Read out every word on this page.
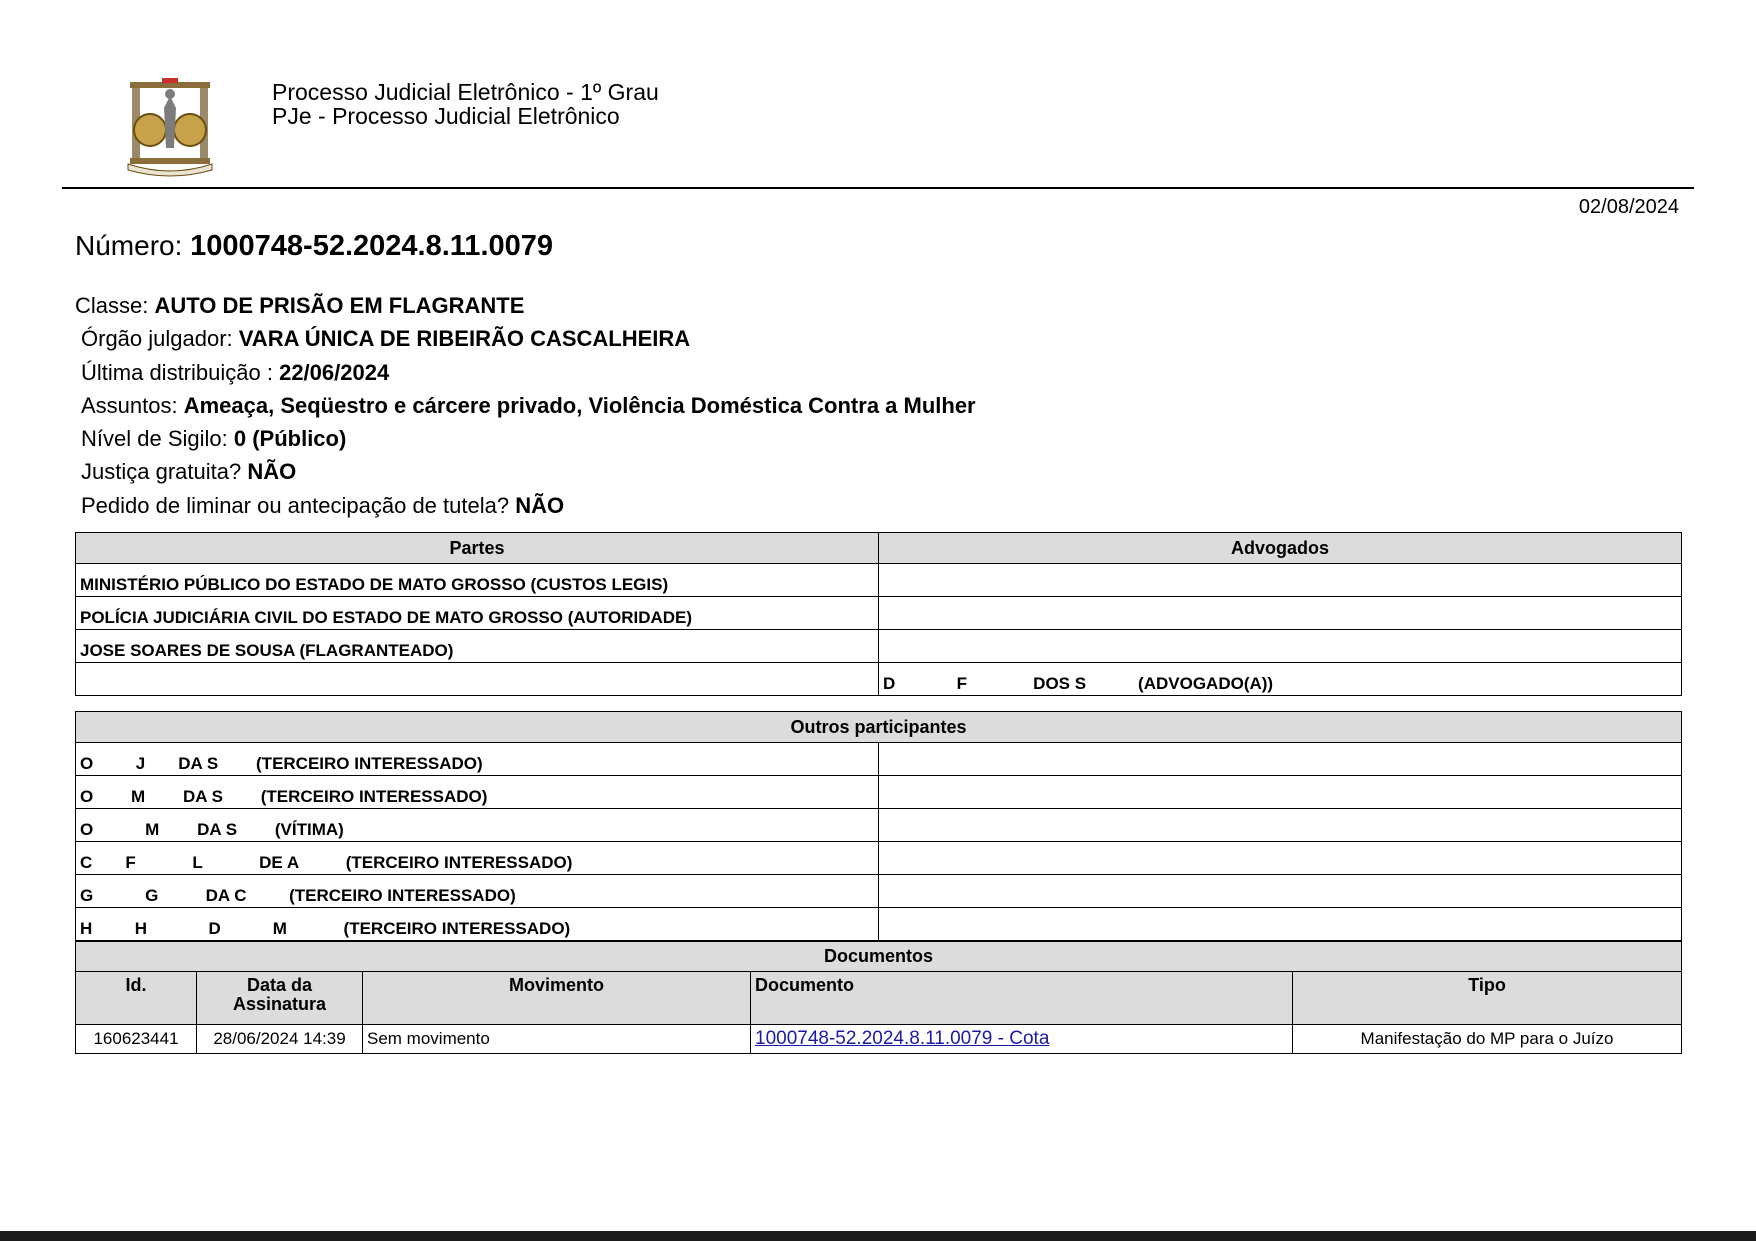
Processo Judicial Eletrônico - 1º Grau
PJe - Processo Judicial Eletrônico
02/08/2024
Número: 1000748-52.2024.8.11.0079
Classe: AUTO DE PRISÃO EM FLAGRANTE
Órgão julgador: VARA ÚNICA DE RIBEIRÃO CASCALHEIRA
Última distribuição : 22/06/2024
Assuntos: Ameaça, Seqüestro e cárcere privado, Violência Doméstica Contra a Mulher
Nível de Sigilo: 0 (Público)
Justiça gratuita? NÃO
Pedido de liminar ou antecipação de tutela? NÃO
Partes	Advogados
MINISTÉRIO PÚBLICO DO ESTADO DE MATO GROSSO (CUSTOS LEGIS)	
POLÍCIA JUDICIÁRIA CIVIL DO ESTADO DE MATO GROSSO (AUTORIDADE)	
JOSE SOARES DE SOUSA (FLAGRANTEADO)	
	D             F              DOS S           (ADVOGADO(A))
Outros participantes	
O         J       DA S        (TERCEIRO INTERESSADO)	
O        M        DA S        (TERCEIRO INTERESSADO)	
O           M        DA S        (VÍTIMA)	
C       F            L            DE A          (TERCEIRO INTERESSADO)	
G           G          DA C         (TERCEIRO INTERESSADO)	
H         H             D           M            (TERCEIRO INTERESSADO)	
Documentos				
Id.	Data da Assinatura	Movimento	Documento	Tipo
160623441	28/06/2024 14:39	Sem movimento	1000748-52.2024.8.11.0079 - Cota	Manifestação do MP para o Juízo
